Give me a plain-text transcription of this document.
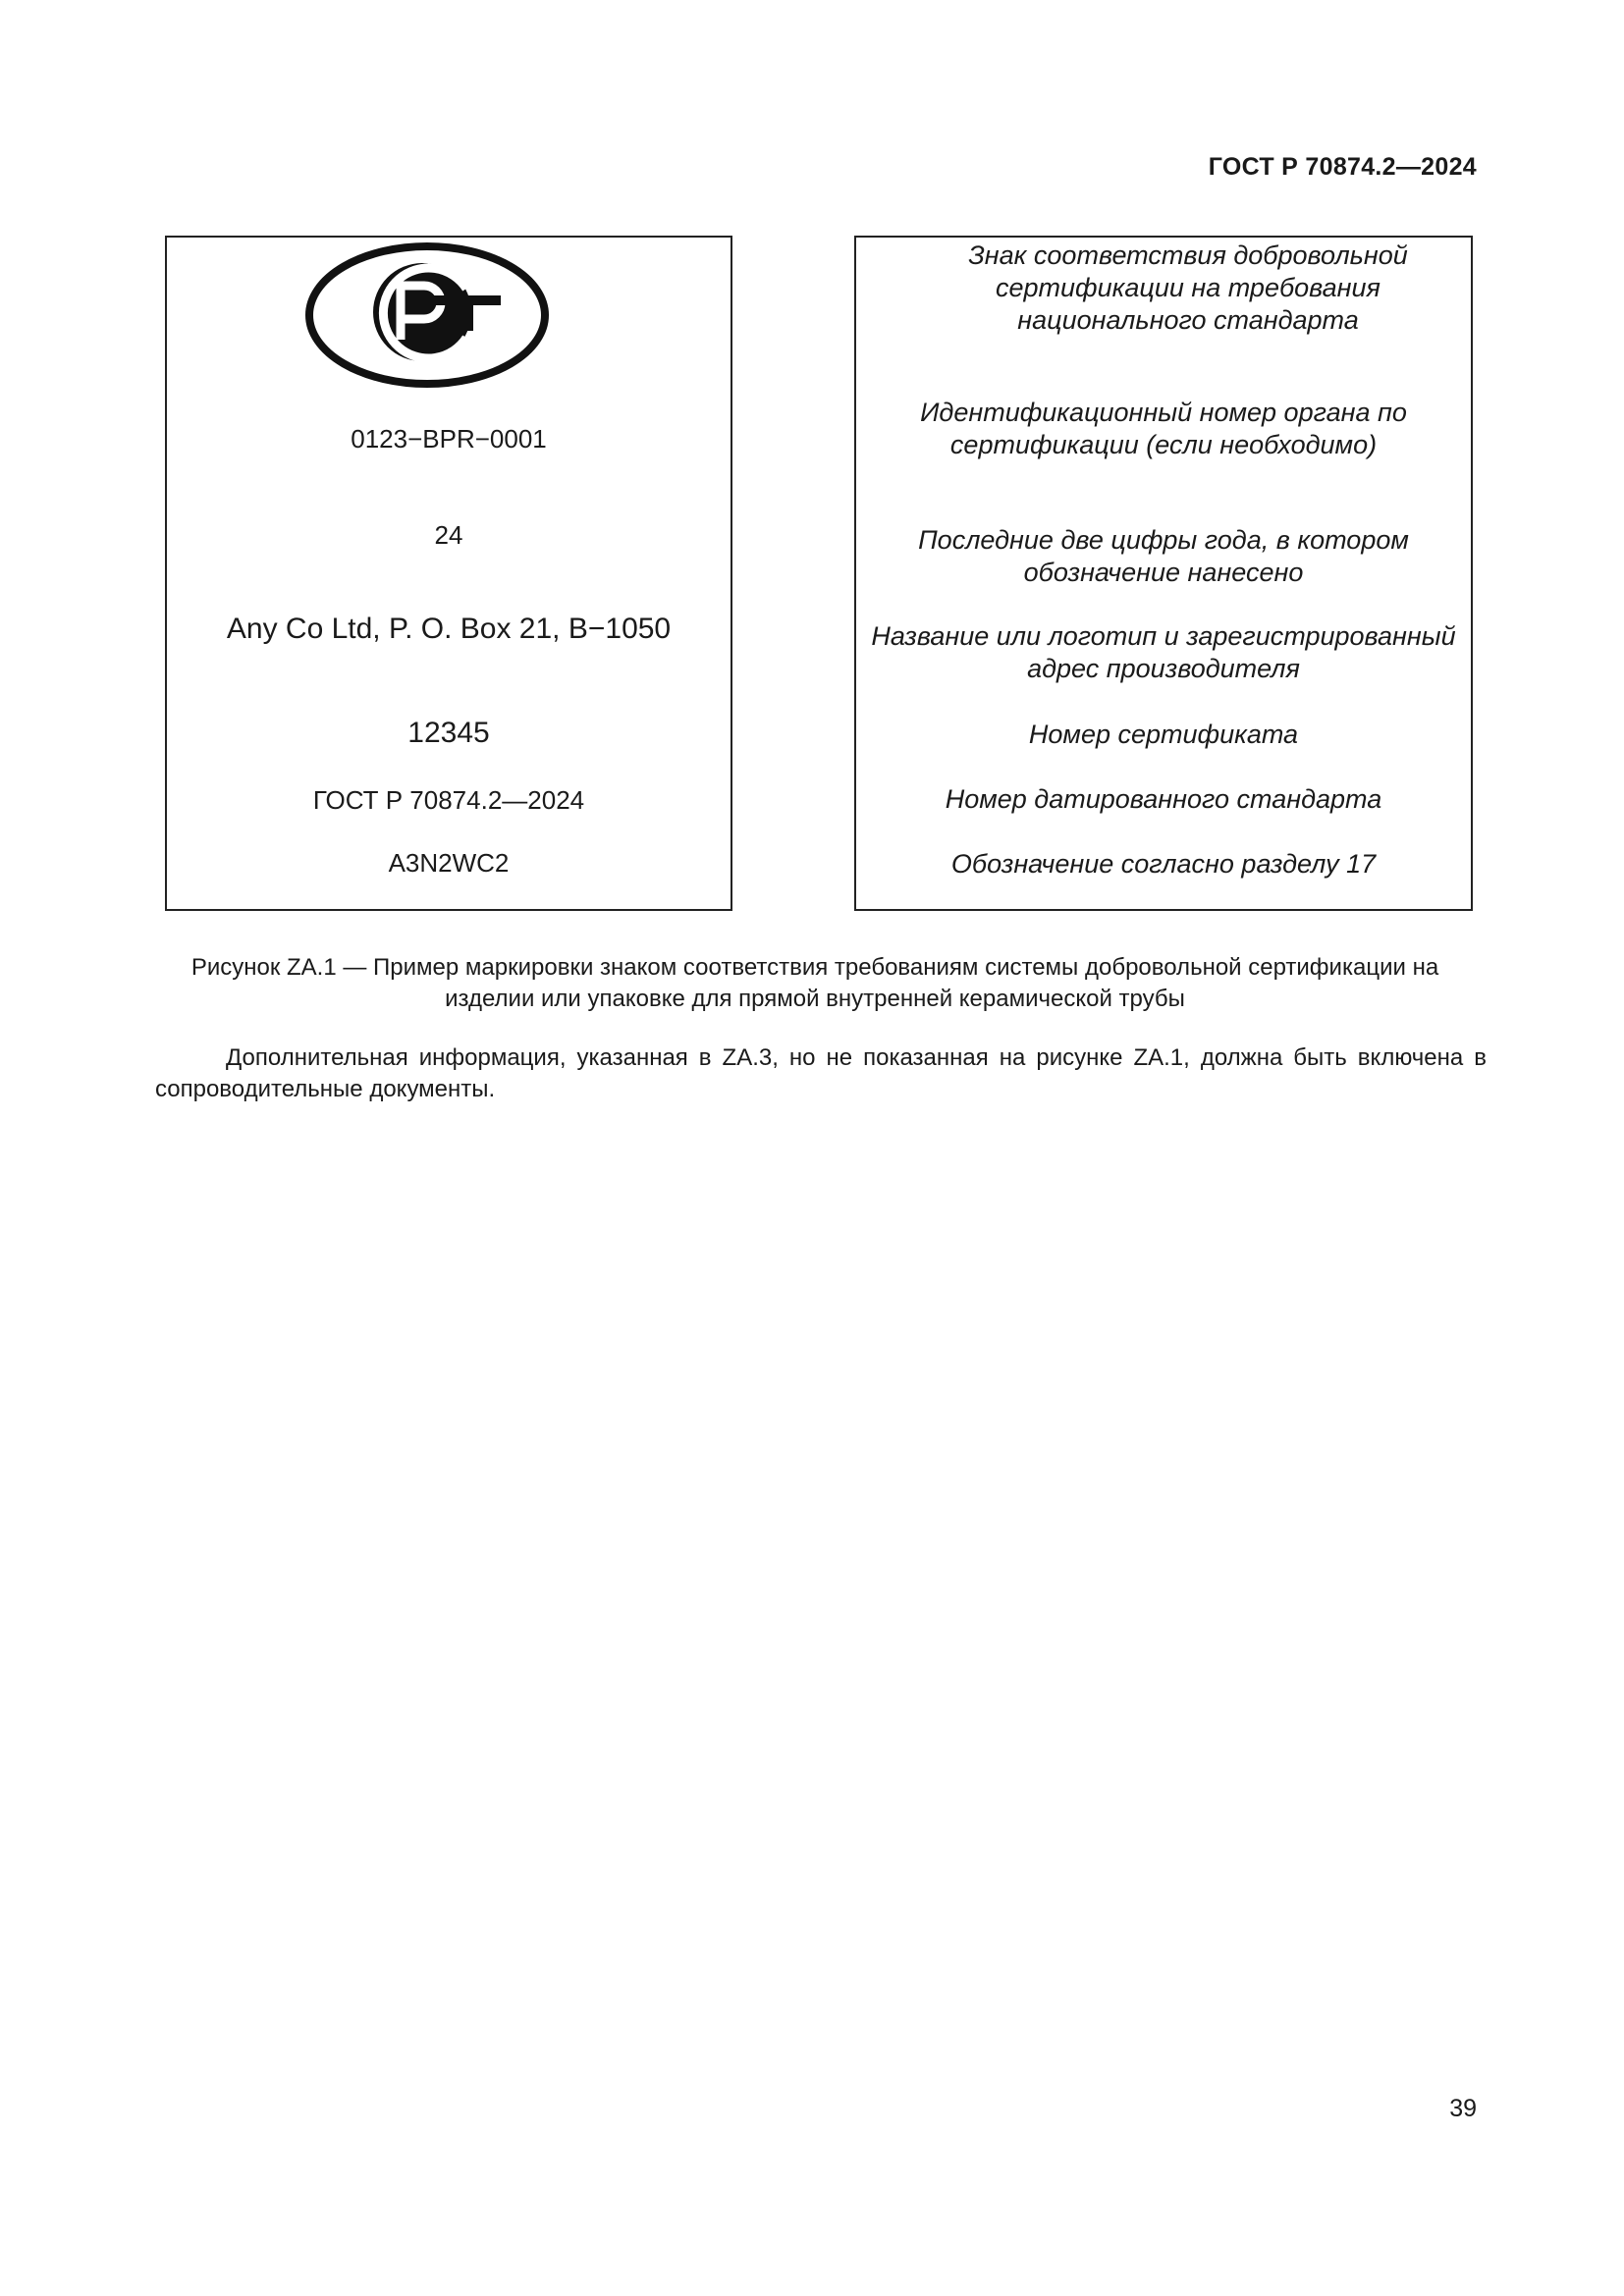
ГОСТ Р 70874.2—2024
0123−BPR−0001
24
Any Co Ltd, P. O. Box 21, B−1050
12345
ГОСТ Р 70874.2—2024
A3N2WC2
Знак соответствия добровольной сертификации на требования национального стандарта
Идентификационный номер органа по сертификации (если необходимо)
Последние две цифры года, в котором обозначение нанесено
Название или логотип и зарегистрированный адрес производителя
Номер сертификата
Номер датированного стандарта
Обозначение согласно разделу 17
Рисунок ZA.1 — Пример маркировки знаком соответствия требованиям системы добровольной сертификации на изделии или упаковке для прямой внутренней керамической трубы
Дополнительная информация, указанная в ZA.3, но не показанная на рисунке ZA.1, должна быть включена в сопроводительные документы.
39
